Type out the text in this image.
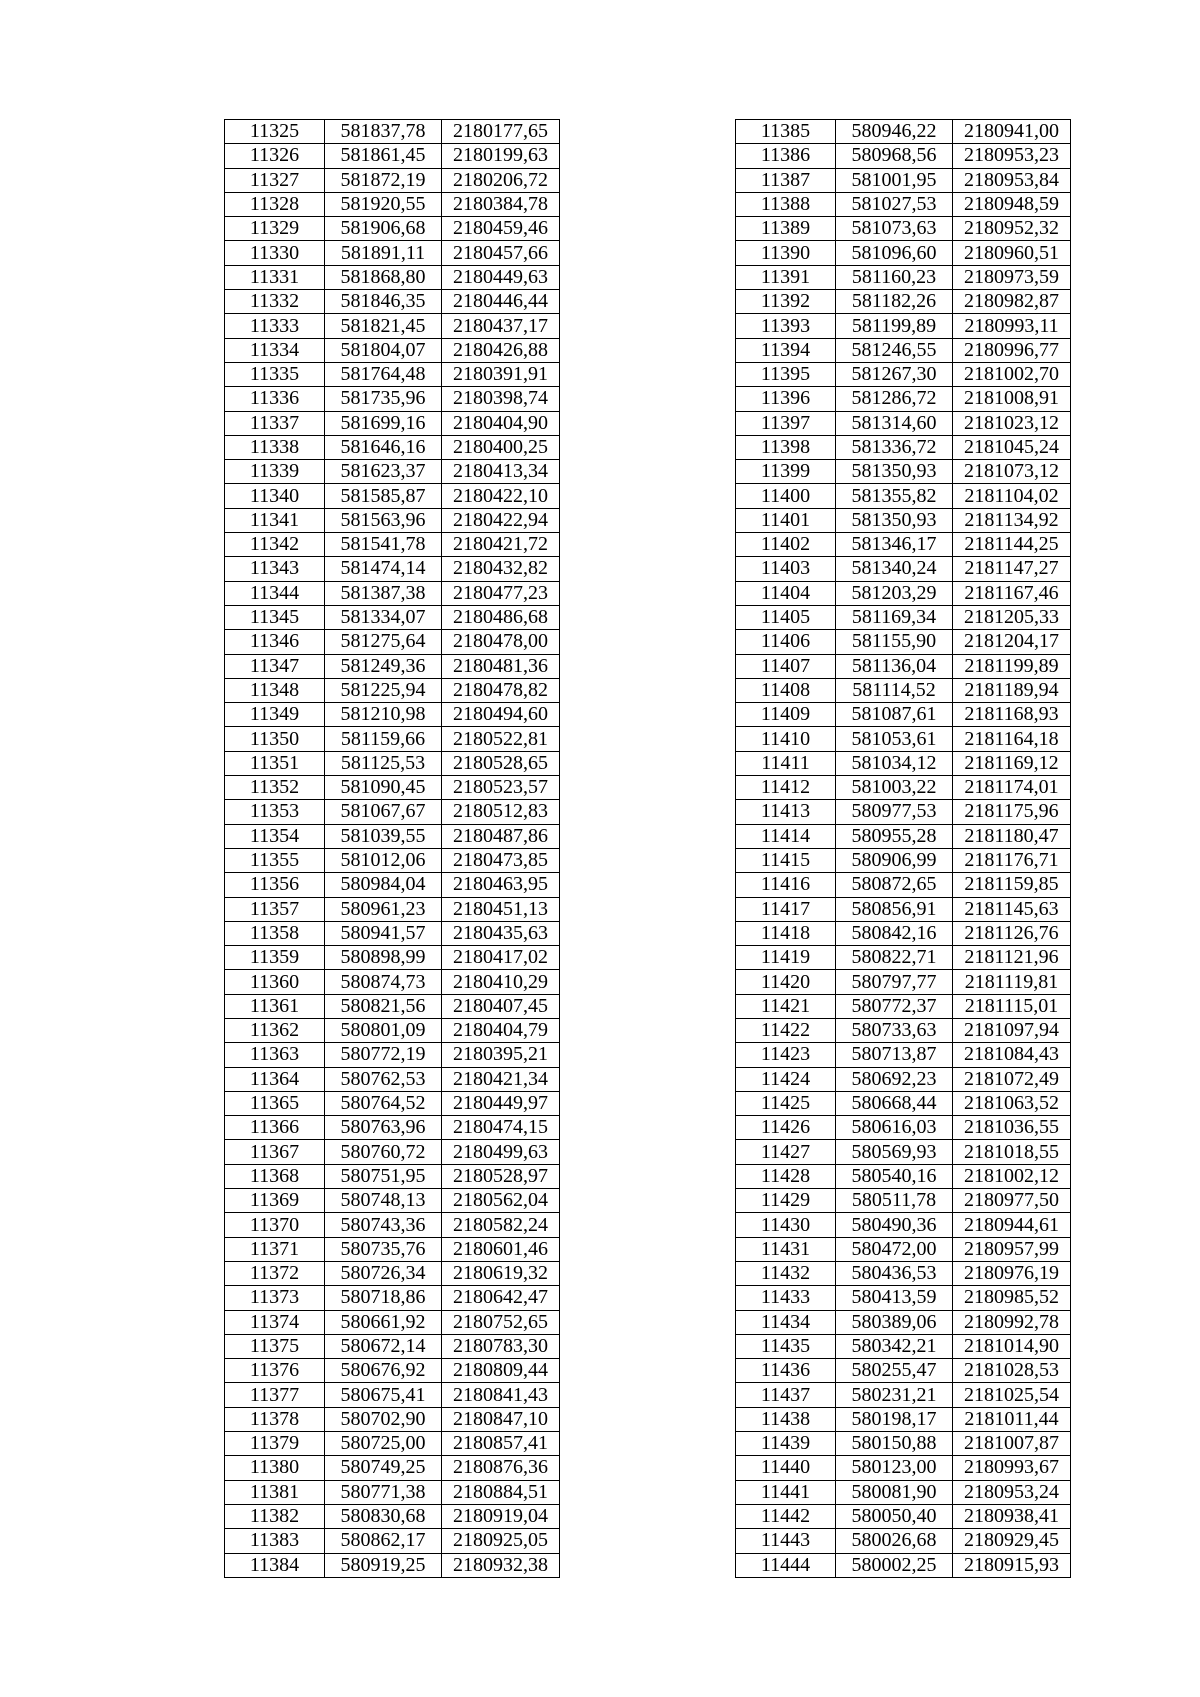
11325	581837,78	2180177,65
11326	581861,45	2180199,63
11327	581872,19	2180206,72
11328	581920,55	2180384,78
11329	581906,68	2180459,46
11330	581891,11	2180457,66
11331	581868,80	2180449,63
11332	581846,35	2180446,44
11333	581821,45	2180437,17
11334	581804,07	2180426,88
11335	581764,48	2180391,91
11336	581735,96	2180398,74
11337	581699,16	2180404,90
11338	581646,16	2180400,25
11339	581623,37	2180413,34
11340	581585,87	2180422,10
11341	581563,96	2180422,94
11342	581541,78	2180421,72
11343	581474,14	2180432,82
11344	581387,38	2180477,23
11345	581334,07	2180486,68
11346	581275,64	2180478,00
11347	581249,36	2180481,36
11348	581225,94	2180478,82
11349	581210,98	2180494,60
11350	581159,66	2180522,81
11351	581125,53	2180528,65
11352	581090,45	2180523,57
11353	581067,67	2180512,83
11354	581039,55	2180487,86
11355	581012,06	2180473,85
11356	580984,04	2180463,95
11357	580961,23	2180451,13
11358	580941,57	2180435,63
11359	580898,99	2180417,02
11360	580874,73	2180410,29
11361	580821,56	2180407,45
11362	580801,09	2180404,79
11363	580772,19	2180395,21
11364	580762,53	2180421,34
11365	580764,52	2180449,97
11366	580763,96	2180474,15
11367	580760,72	2180499,63
11368	580751,95	2180528,97
11369	580748,13	2180562,04
11370	580743,36	2180582,24
11371	580735,76	2180601,46
11372	580726,34	2180619,32
11373	580718,86	2180642,47
11374	580661,92	2180752,65
11375	580672,14	2180783,30
11376	580676,92	2180809,44
11377	580675,41	2180841,43
11378	580702,90	2180847,10
11379	580725,00	2180857,41
11380	580749,25	2180876,36
11381	580771,38	2180884,51
11382	580830,68	2180919,04
11383	580862,17	2180925,05
11384	580919,25	2180932,38
11385	580946,22	2180941,00
11386	580968,56	2180953,23
11387	581001,95	2180953,84
11388	581027,53	2180948,59
11389	581073,63	2180952,32
11390	581096,60	2180960,51
11391	581160,23	2180973,59
11392	581182,26	2180982,87
11393	581199,89	2180993,11
11394	581246,55	2180996,77
11395	581267,30	2181002,70
11396	581286,72	2181008,91
11397	581314,60	2181023,12
11398	581336,72	2181045,24
11399	581350,93	2181073,12
11400	581355,82	2181104,02
11401	581350,93	2181134,92
11402	581346,17	2181144,25
11403	581340,24	2181147,27
11404	581203,29	2181167,46
11405	581169,34	2181205,33
11406	581155,90	2181204,17
11407	581136,04	2181199,89
11408	581114,52	2181189,94
11409	581087,61	2181168,93
11410	581053,61	2181164,18
11411	581034,12	2181169,12
11412	581003,22	2181174,01
11413	580977,53	2181175,96
11414	580955,28	2181180,47
11415	580906,99	2181176,71
11416	580872,65	2181159,85
11417	580856,91	2181145,63
11418	580842,16	2181126,76
11419	580822,71	2181121,96
11420	580797,77	2181119,81
11421	580772,37	2181115,01
11422	580733,63	2181097,94
11423	580713,87	2181084,43
11424	580692,23	2181072,49
11425	580668,44	2181063,52
11426	580616,03	2181036,55
11427	580569,93	2181018,55
11428	580540,16	2181002,12
11429	580511,78	2180977,50
11430	580490,36	2180944,61
11431	580472,00	2180957,99
11432	580436,53	2180976,19
11433	580413,59	2180985,52
11434	580389,06	2180992,78
11435	580342,21	2181014,90
11436	580255,47	2181028,53
11437	580231,21	2181025,54
11438	580198,17	2181011,44
11439	580150,88	2181007,87
11440	580123,00	2180993,67
11441	580081,90	2180953,24
11442	580050,40	2180938,41
11443	580026,68	2180929,45
11444	580002,25	2180915,93
